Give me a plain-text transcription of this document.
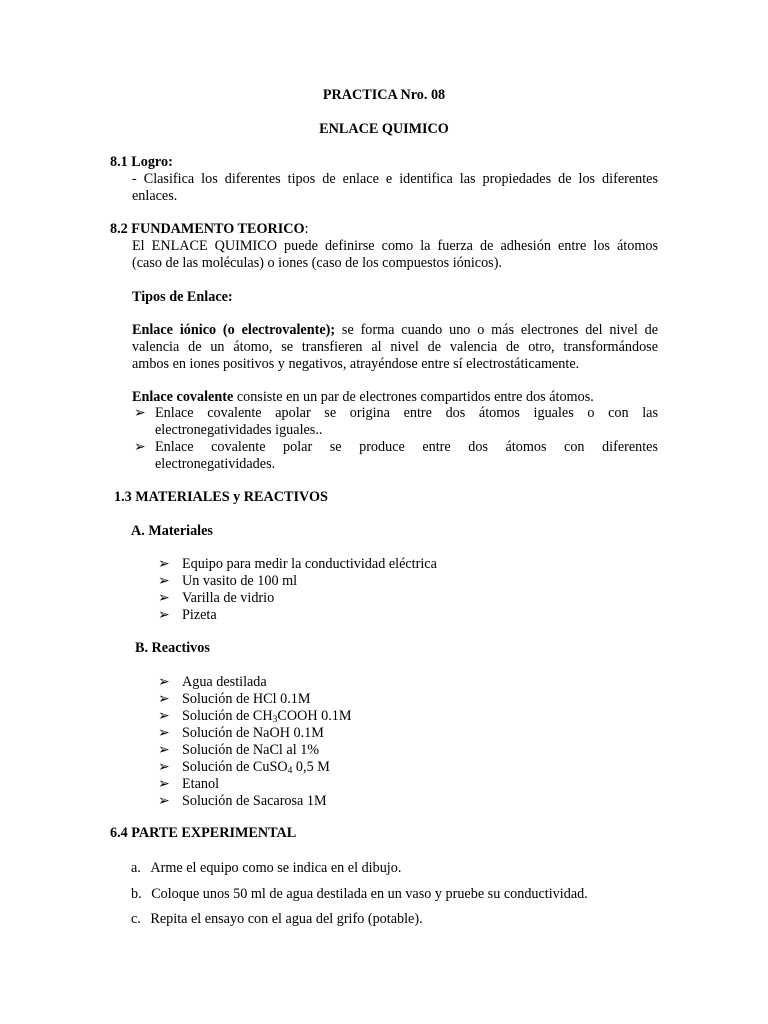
PRACTICA Nro. 08
ENLACE QUIMICO
8.1 Logro:
- Clasifica los diferentes tipos de enlace e identifica las propiedades de los diferentes
enlaces.
8.2 FUNDAMENTO TEORICO:
El ENLACE QUIMICO puede definirse como la fuerza de adhesión entre los átomos
(caso de las moléculas) o iones (caso de los compuestos iónicos).
Tipos de Enlace:
Enlace iónico (o electrovalente); se forma cuando uno o más electrones del nivel de
valencia de un átomo, se transfieren al nivel de valencia de otro, transformándose
ambos en iones positivos y negativos, atrayéndose entre sí electrostáticamente.
Enlace covalente consiste en un par de electrones compartidos entre dos átomos.
➢ Enlace covalente apolar se origina entre dos átomos iguales o con las
electronegatividades iguales..
➢ Enlace covalente polar se produce entre dos átomos con diferentes
electronegatividades.
1.3 MATERIALES y REACTIVOS
A. Materiales
➢ Equipo para medir la conductividad eléctrica
➢ Un vasito de 100 ml
➢ Varilla de vidrio
➢ Pizeta
B. Reactivos
➢ Agua destilada
➢ Solución de HCl 0.1M
➢ Solución de $CH_3COOH$ 0.1M
➢ Solución de NaOH 0.1M
➢ Solución de NaCl al 1%
➢ Solución de CuSO$_4$ 0,5 M
➢ Etanol
➢ Solución de Sacarosa 1M
6.4 PARTE EXPERIMENTAL
a. Arme el equipo como se indica en el dibujo.
b. Coloque unos 50 ml de agua destilada en un vaso y pruebe su conductividad.
c. Repita el ensayo con el agua del grifo (potable).
